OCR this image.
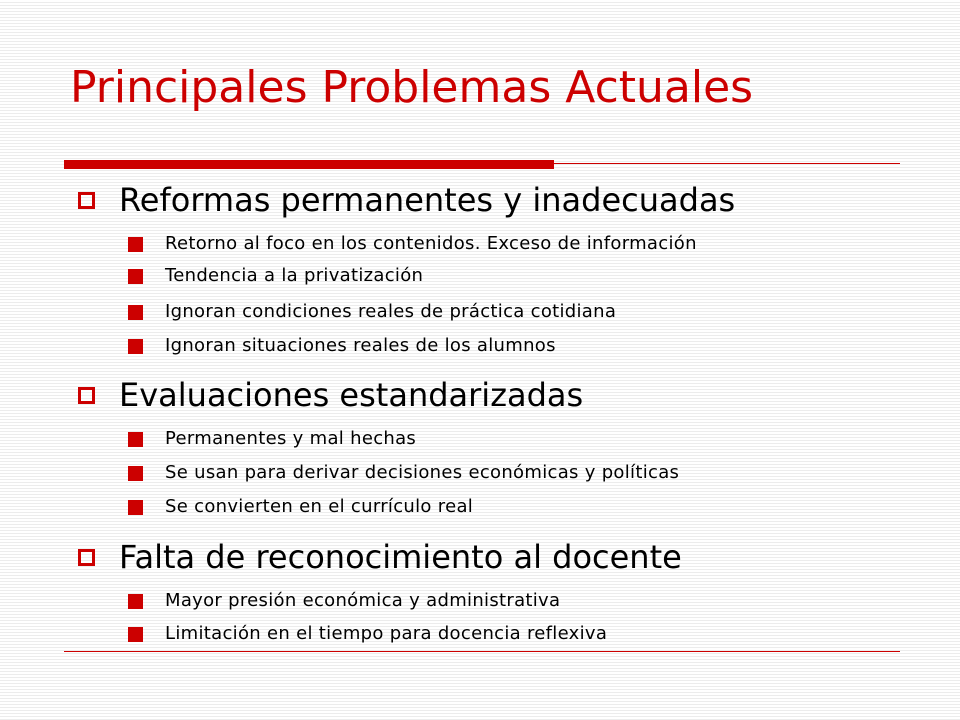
Principales Problemas Actuales
Reformas permanentes y inadecuadas
Retorno al foco en los contenidos. Exceso de información
Tendencia a la privatización
Ignoran condiciones reales de práctica cotidiana
Ignoran situaciones reales de los alumnos
Evaluaciones estandarizadas
Permanentes y mal hechas
Se usan para derivar decisiones económicas y políticas
Se convierten en el currículo real
Falta de reconocimiento al docente
Mayor presión económica y administrativa
Limitación en el tiempo para docencia reflexiva
